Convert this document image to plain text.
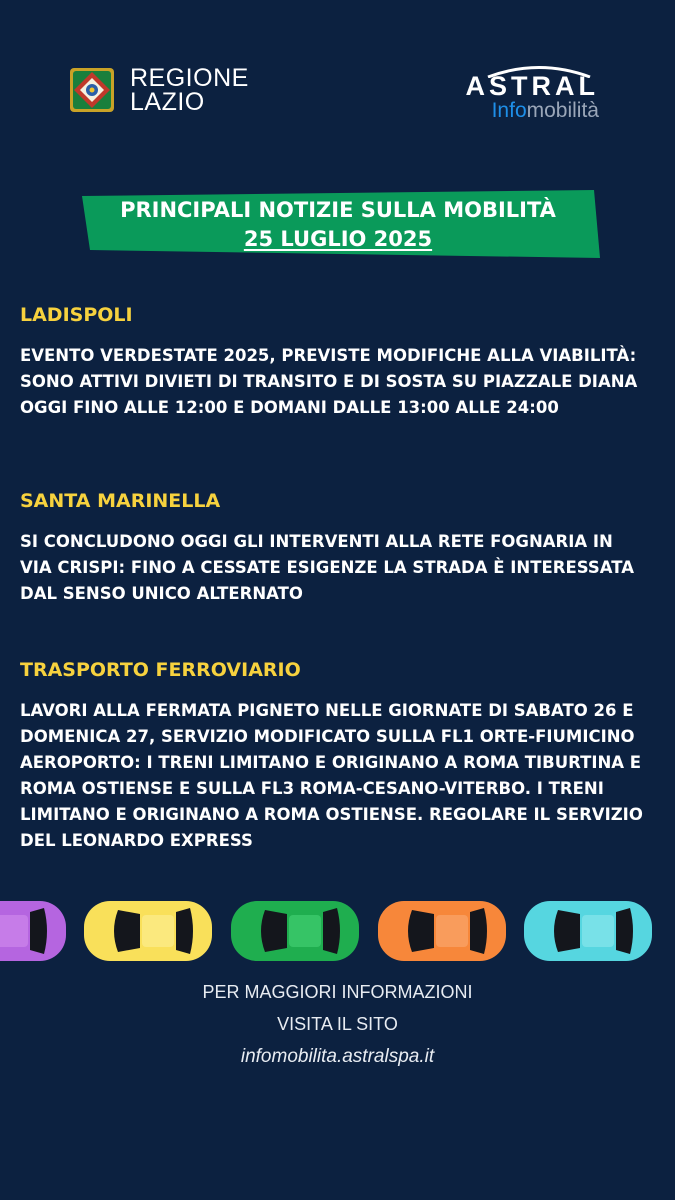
REGIONE
LAZIO
ASTRAL
Infomobilità
PRINCIPALI NOTIZIE SULLA MOBILITÀ
25 LUGLIO 2025

LADISPOLI

EVENTO VERDESTATE 2025, PREVISTE MODIFICHE ALLA VIABILITÀ: SONO ATTIVI DIVIETI DI TRANSITO E DI SOSTA SU PIAZZALE DIANA OGGI FINO ALLE 12:00 E DOMANI DALLE 13:00 ALLE 24:00

SANTA MARINELLA

SI CONCLUDONO OGGI GLI INTERVENTI ALLA RETE FOGNARIA IN VIA CRISPI: FINO A CESSATE ESIGENZE LA STRADA È INTERESSATA DAL SENSO UNICO ALTERNATO

TRASPORTO FERROVIARIO

LAVORI ALLA FERMATA PIGNETO NELLE GIORNATE DI SABATO 26 E DOMENICA 27, SERVIZIO MODIFICATO SULLA FL1 ORTE-FIUMICINO AEROPORTO: I TRENI LIMITANO E ORIGINANO A ROMA TIBURTINA E ROMA OSTIENSE E SULLA FL3 ROMA-CESANO-VITERBO. I TRENI LIMITANO E ORIGINANO A ROMA OSTIENSE. REGOLARE IL SERVIZIO DEL LEONARDO EXPRESS

PER MAGGIORI INFORMAZIONI
VISITA IL SITO
infomobilita.astralspa.it
